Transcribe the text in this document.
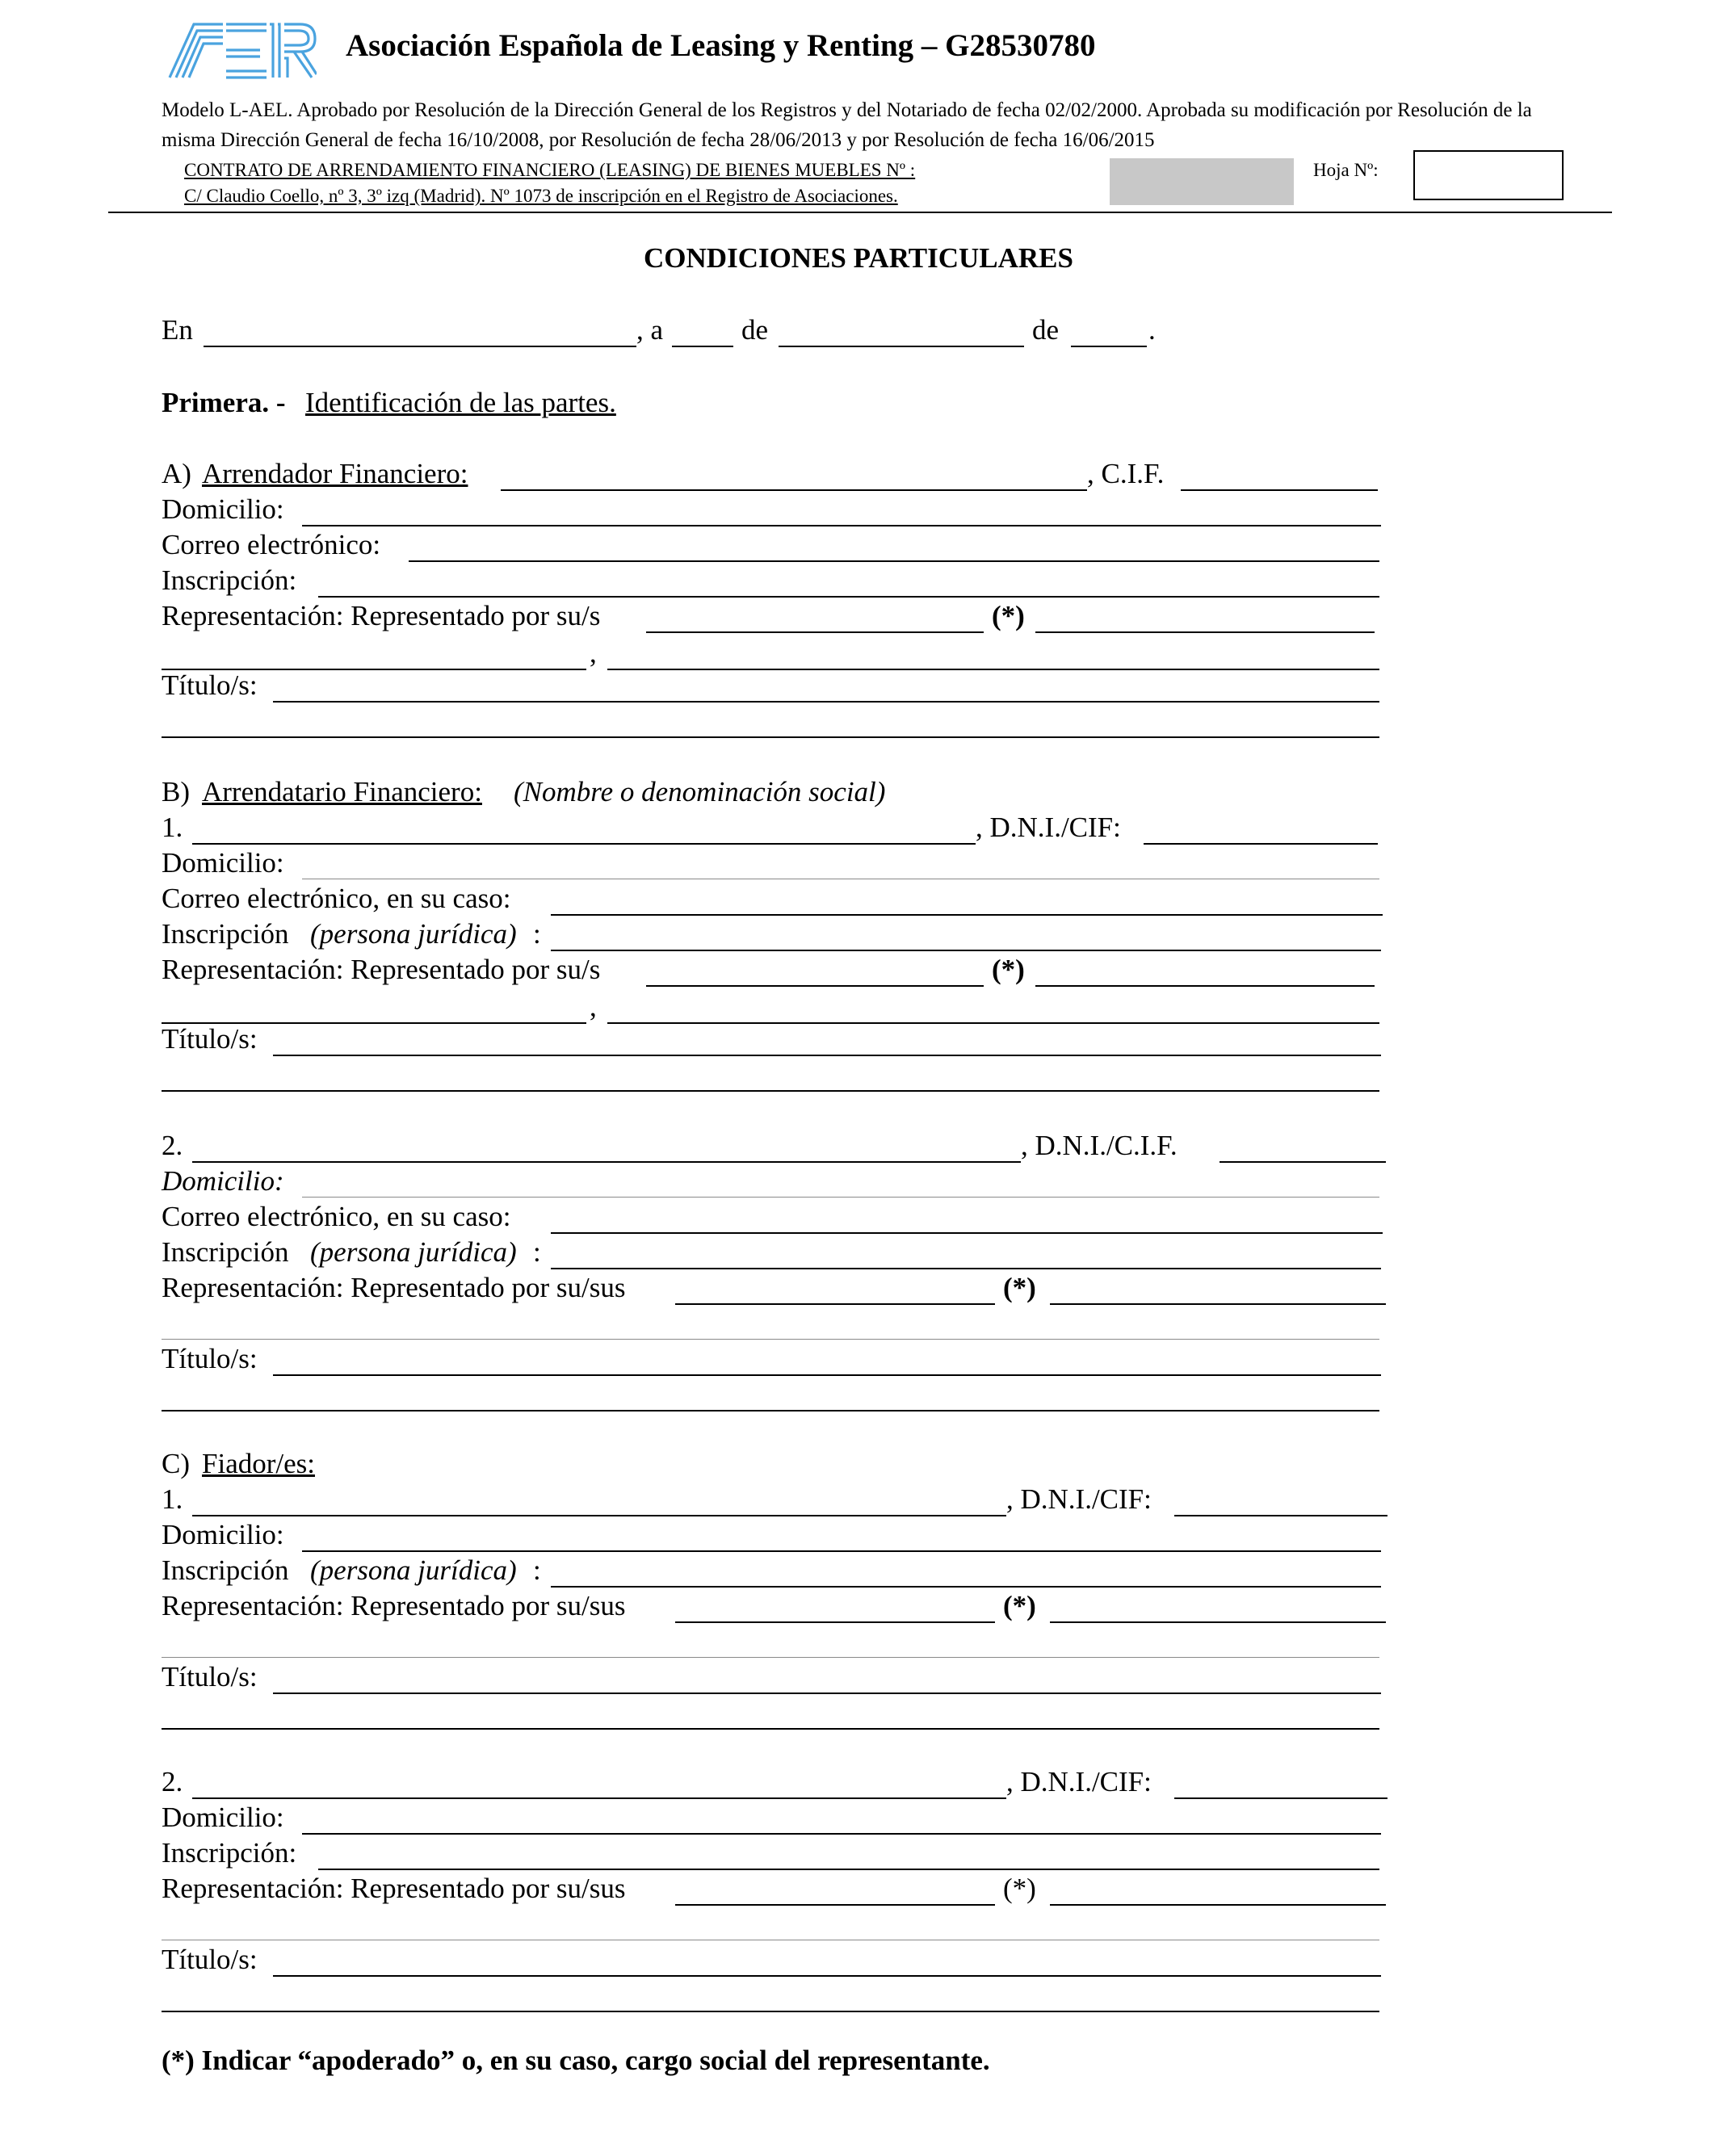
Asociación Española de Leasing y Renting – G28530780
Modelo L-AEL. Aprobado por Resolución de la Dirección General de los Registros y del Notariado de fecha 02/02/2000. Aprobada su modificación por Resolución de la misma Dirección General de fecha 16/10/2008, por Resolución de fecha 28/06/2013 y por Resolución de fecha 16/06/2015
CONTRATO DE ARRENDAMIENTO FINANCIERO (LEASING) DE BIENES MUEBLES Nº :
C/ Claudio Coello, nº 3, 3º izq (Madrid). Nº 1073 de inscripción en el Registro de Asociaciones.
Hoja Nº:
CONDICIONES PARTICULARES
En	, a	de	de	.
Primera. - Identificación de las partes.
A) Arrendador Financiero:	, C.I.F.
Domicilio:
Correo electrónico:
Inscripción:
Representación: Representado por su/s	(*)
,
Título/s:
B) Arrendatario Financiero: (Nombre o denominación social)
1.	, D.N.I./CIF:
Domicilio:
Correo electrónico, en su caso:
Inscripción (persona jurídica) :
Representación: Representado por su/s	(*)
,
Título/s:
2.	, D.N.I./C.I.F.
Domicilio:
Correo electrónico, en su caso:
Inscripción (persona jurídica) :
Representación: Representado por su/sus	(*)
Título/s:
C) Fiador/es:
1.	, D.N.I./CIF:
Domicilio:
Inscripción (persona jurídica) :
Representación: Representado por su/sus	(*)
Título/s:
2.	, D.N.I./CIF:
Domicilio:
Inscripción:
Representación: Representado por su/sus	(*)
Título/s:
(*) Indicar “apoderado” o, en su caso, cargo social del representante.
